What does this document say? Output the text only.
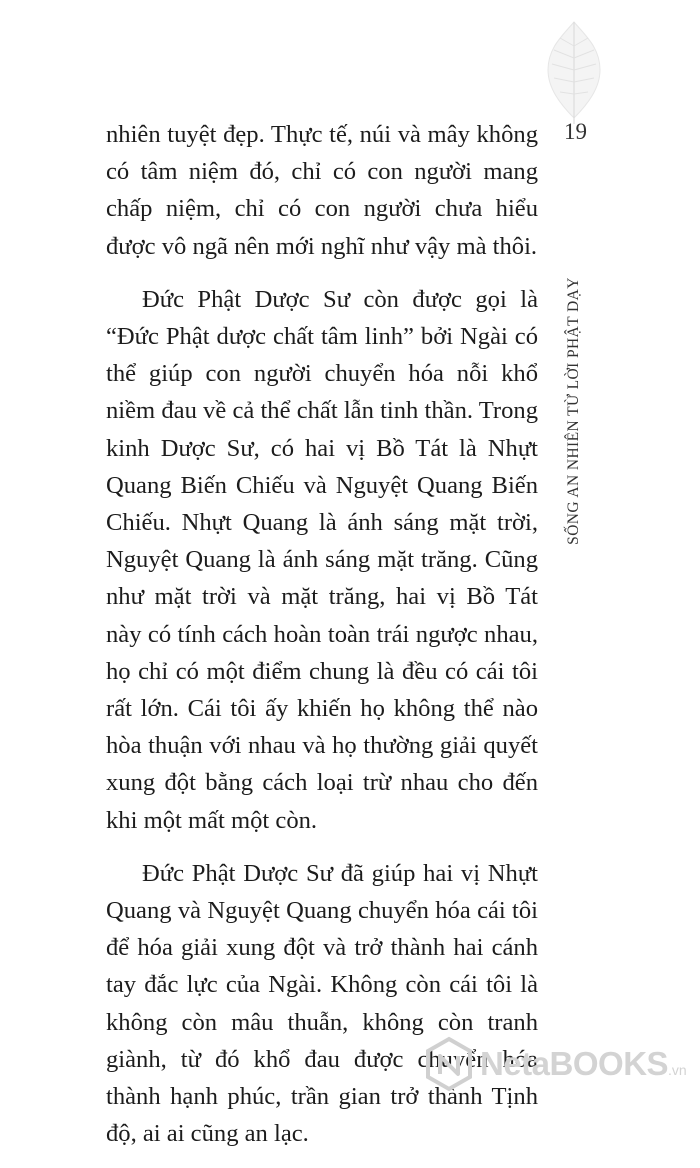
19
SỐNG AN NHIÊN TỪ LỜI PHẬT DẠY

nhiên tuyệt đẹp. Thực tế, núi và mây không có tâm niệm đó, chỉ có con người mang chấp niệm, chỉ có con người chưa hiểu được vô ngã nên mới nghĩ như vậy mà thôi.

Đức Phật Dược Sư còn được gọi là “Đức Phật dược chất tâm linh” bởi Ngài có thể giúp con người chuyển hóa nỗi khổ niềm đau về cả thể chất lẫn tinh thần. Trong kinh Dược Sư, có hai vị Bồ Tát là Nhựt Quang Biến Chiếu và Nguyệt Quang Biến Chiếu. Nhựt Quang là ánh sáng mặt trời, Nguyệt Quang là ánh sáng mặt trăng. Cũng như mặt trời và mặt trăng, hai vị Bồ Tát này có tính cách hoàn toàn trái ngược nhau, họ chỉ có một điểm chung là đều có cái tôi rất lớn. Cái tôi ấy khiến họ không thể nào hòa thuận với nhau và họ thường giải quyết xung đột bằng cách loại trừ nhau cho đến khi một mất một còn.

Đức Phật Dược Sư đã giúp hai vị Nhựt Quang và Nguyệt Quang chuyển hóa cái tôi để hóa giải xung đột và trở thành hai cánh tay đắc lực của Ngài. Không còn cái tôi là không còn mâu thuẫn, không còn tranh giành, từ đó khổ đau được chuyển hóa thành hạnh phúc, trần gian trở thành Tịnh độ, ai ai cũng an lạc.

NetaBOOKS.vn
